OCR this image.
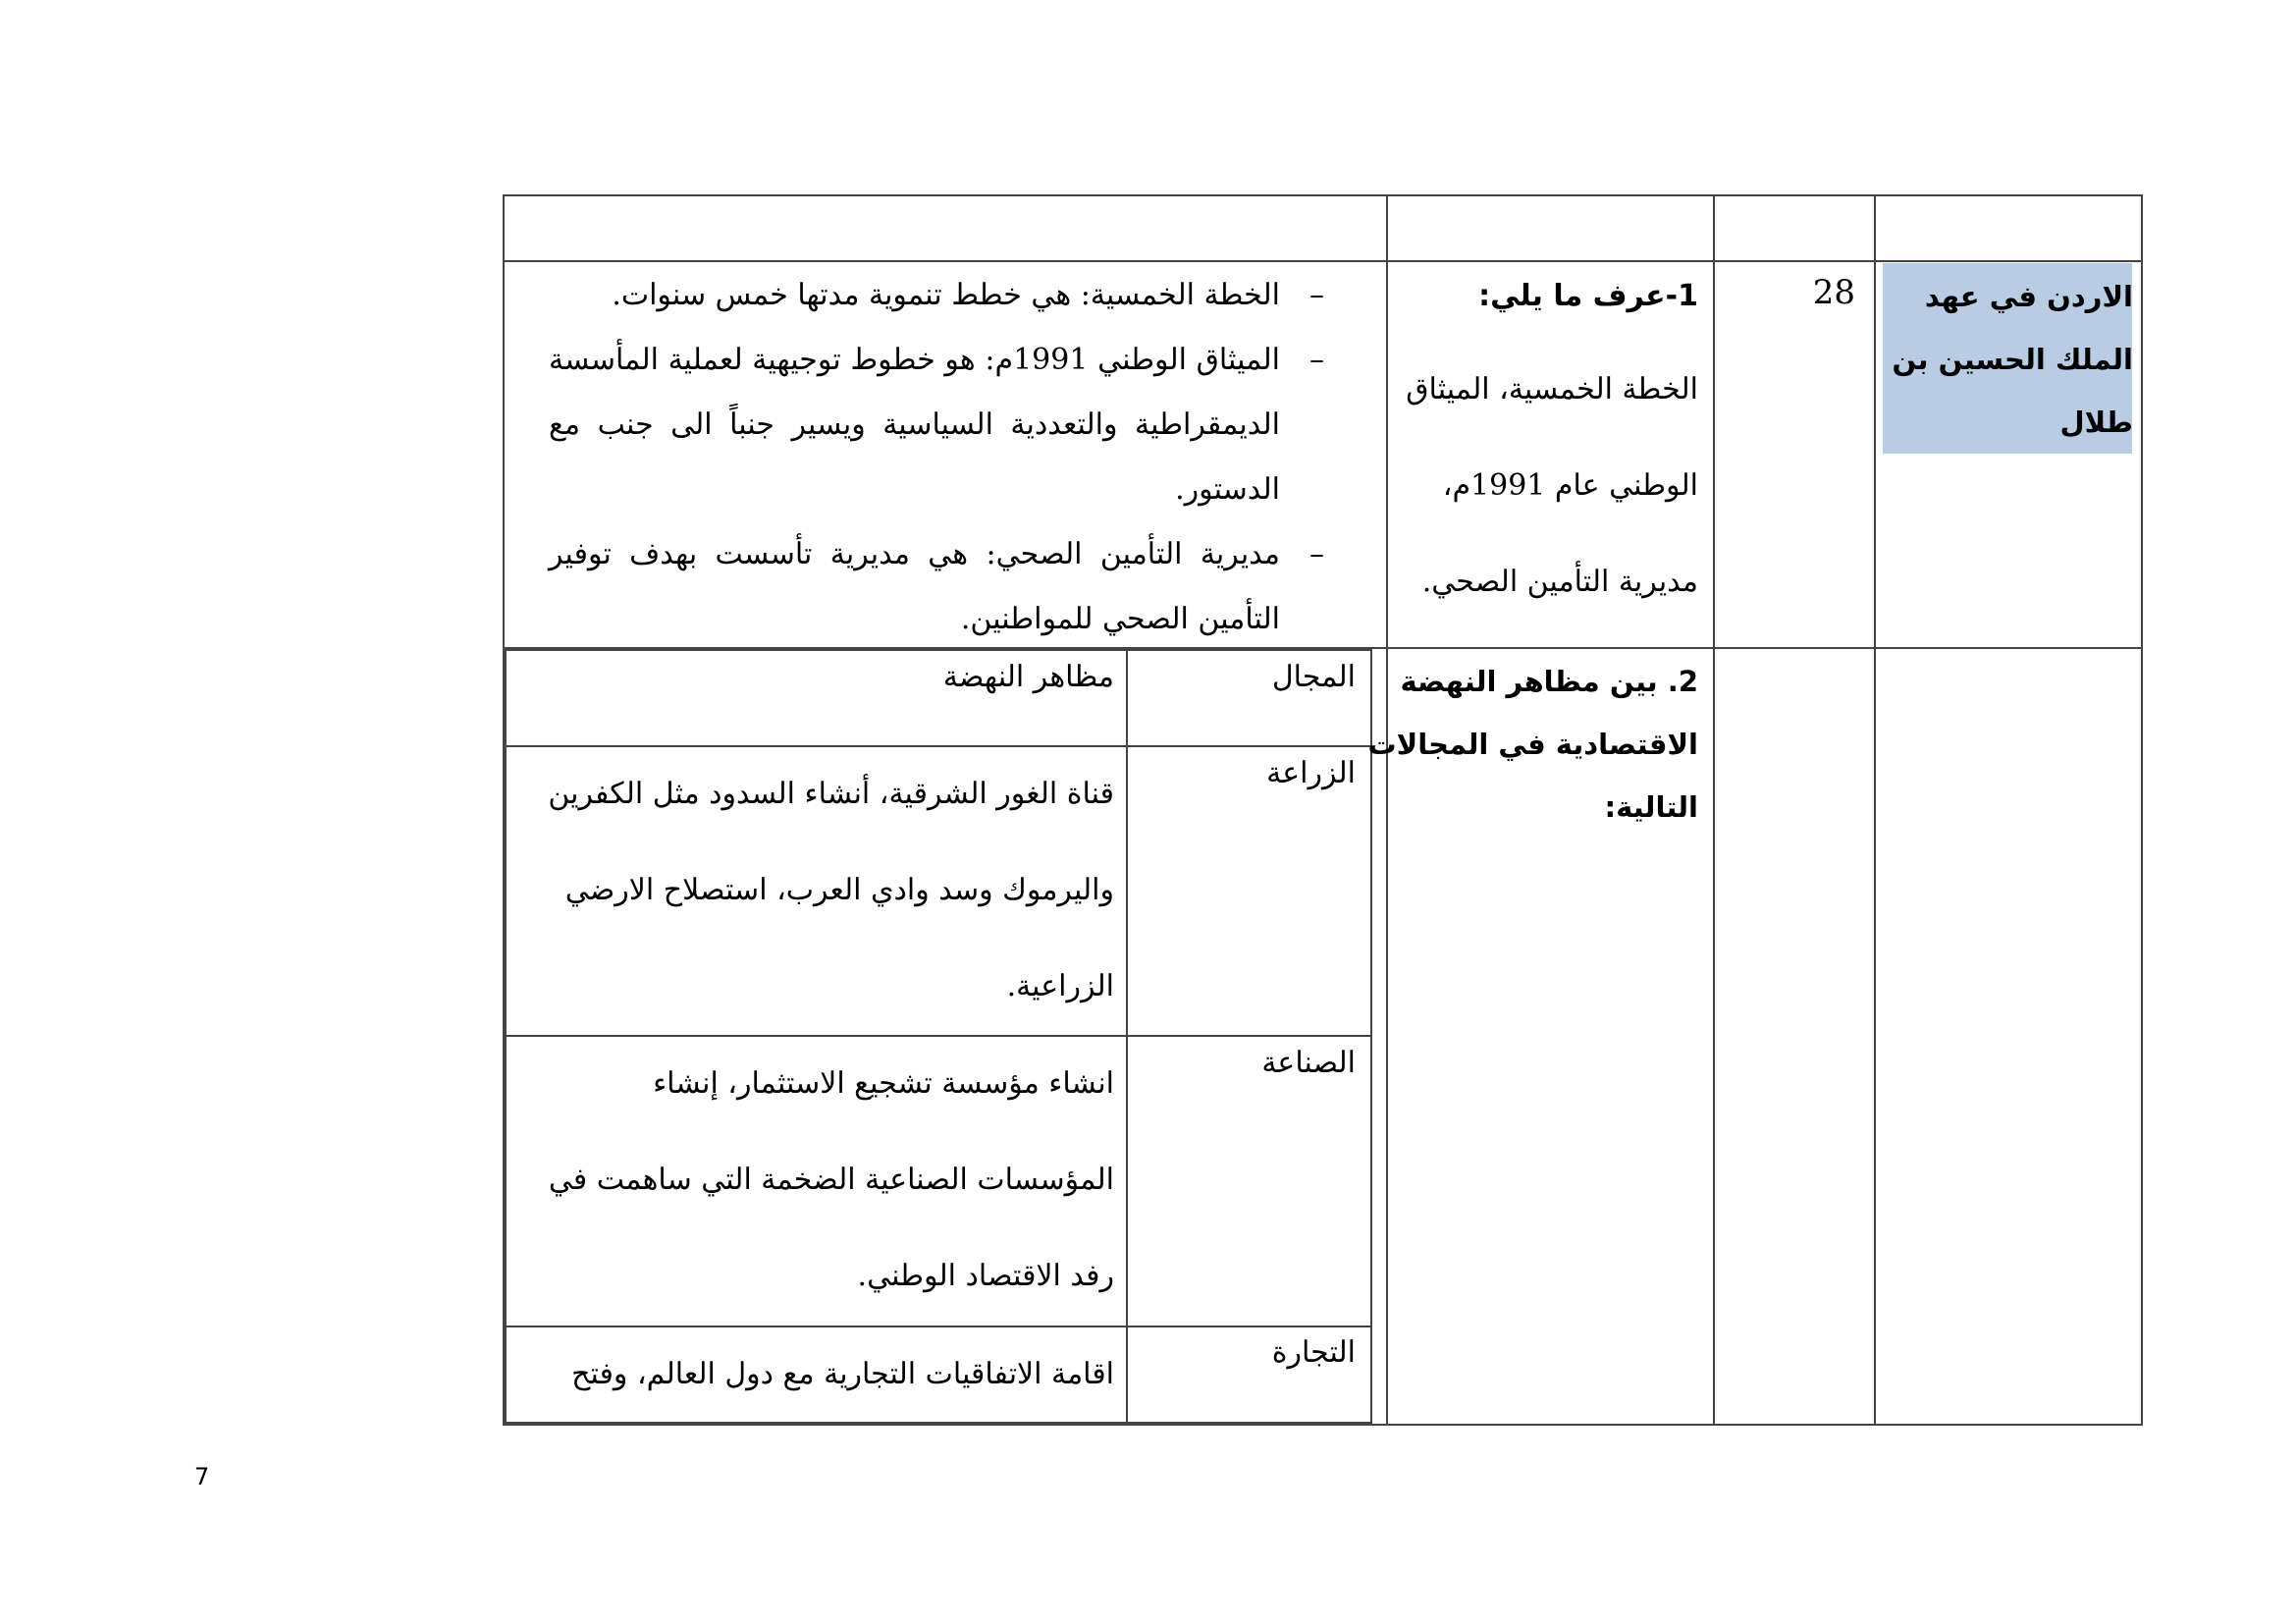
الاردن في عهد
الملك الحسين بن
طلال
28
1-عرف ما يلي:
الخطة الخمسية، الميثاق
الوطني عام 1991م،
مديرية التأمين الصحي.
–
الخطة الخمسية: هي خطط تنموية مدتها خمس سنوات.
–
الميثاق الوطني 1991م: هو خطوط توجيهية لعملية المأسسة الديمقراطية والتعددية السياسية ويسير جنباً الى جنب مع الدستور.
–
مديرية التأمين الصحي: هي مديرية تأسست بهدف توفير التأمين الصحي للمواطنين.
2. بين مظاهر النهضة
الاقتصادية في المجالات
التالية:
المجال
مظاهر النهضة
الزراعة
قناة الغور الشرقية، أنشاء السدود مثل الكفرين
واليرموك وسد وادي العرب، استصلاح الارضي
الزراعية.
الصناعة
انشاء مؤسسة تشجيع الاستثمار، إنشاء
المؤسسات الصناعية الضخمة التي ساهمت في
رفد الاقتصاد الوطني.
التجارة
اقامة الاتفاقيات التجارية مع دول العالم، وفتح
7
